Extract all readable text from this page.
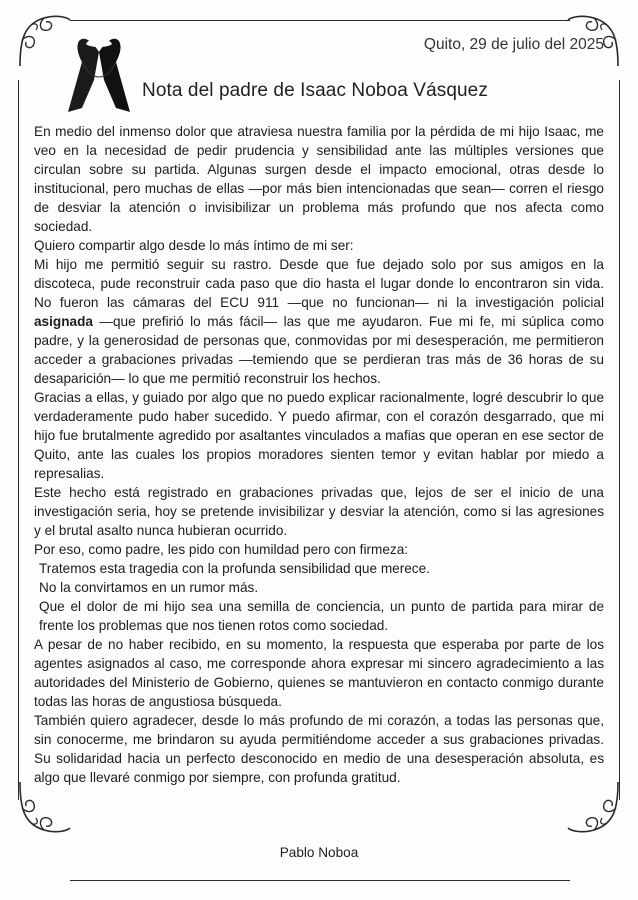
Quito, 29 de julio del 2025
Nota del padre de Isaac Noboa Vásquez

En medio del inmenso dolor que atraviesa nuestra familia por la pérdida de mi hijo Isaac, me veo en la necesidad de pedir prudencia y sensibilidad ante las múltiples versiones que circulan sobre su partida. Algunas surgen desde el impacto emocional, otras desde lo institucional, pero muchas de ellas —por más bien intencionadas que sean— corren el riesgo de desviar la atención o invisibilizar un problema más profundo que nos afecta como sociedad.

Quiero compartir algo desde lo más íntimo de mi ser:

Mi hijo me permitió seguir su rastro. Desde que fue dejado solo por sus amigos en la discoteca, pude reconstruir cada paso que dio hasta el lugar donde lo encontraron sin vida. No fueron las cámaras del ECU 911 —que no funcionan— ni la investigación policial asignada —que prefirió lo más fácil— las que me ayudaron. Fue mi fe, mi súplica como padre, y la generosidad de personas que, conmovidas por mi desesperación, me permitieron acceder a grabaciones privadas —temiendo que se perdieran tras más de 36 horas de su desaparición— lo que me permitió reconstruir los hechos.

Gracias a ellas, y guiado por algo que no puedo explicar racionalmente, logré descubrir lo que verdaderamente pudo haber sucedido. Y puedo afirmar, con el corazón desgarrado, que mi hijo fue brutalmente agredido por asaltantes vinculados a mafias que operan en ese sector de Quito, ante las cuales los propios moradores sienten temor y evitan hablar por miedo a represalias.

Este hecho está registrado en grabaciones privadas que, lejos de ser el inicio de una investigación seria, hoy se pretende invisibilizar y desviar la atención, como si las agresiones y el brutal asalto nunca hubieran ocurrido.

Por eso, como padre, les pido con humildad pero con firmeza:

Tratemos esta tragedia con la profunda sensibilidad que merece.

No la convirtamos en un rumor más.

Que el dolor de mi hijo sea una semilla de conciencia, un punto de partida para mirar de frente los problemas que nos tienen rotos como sociedad.

A pesar de no haber recibido, en su momento, la respuesta que esperaba por parte de los agentes asignados al caso, me corresponde ahora expresar mi sincero agradecimiento a las autoridades del Ministerio de Gobierno, quienes se mantuvieron en contacto conmigo durante todas las horas de angustiosa búsqueda.

También quiero agradecer, desde lo más profundo de mi corazón, a todas las personas que, sin conocerme, me brindaron su ayuda permitiéndome acceder a sus grabaciones privadas. Su solidaridad hacia un perfecto desconocido en medio de una desesperación absoluta, es algo que llevaré conmigo por siempre, con profunda gratitud.

Pablo Noboa
